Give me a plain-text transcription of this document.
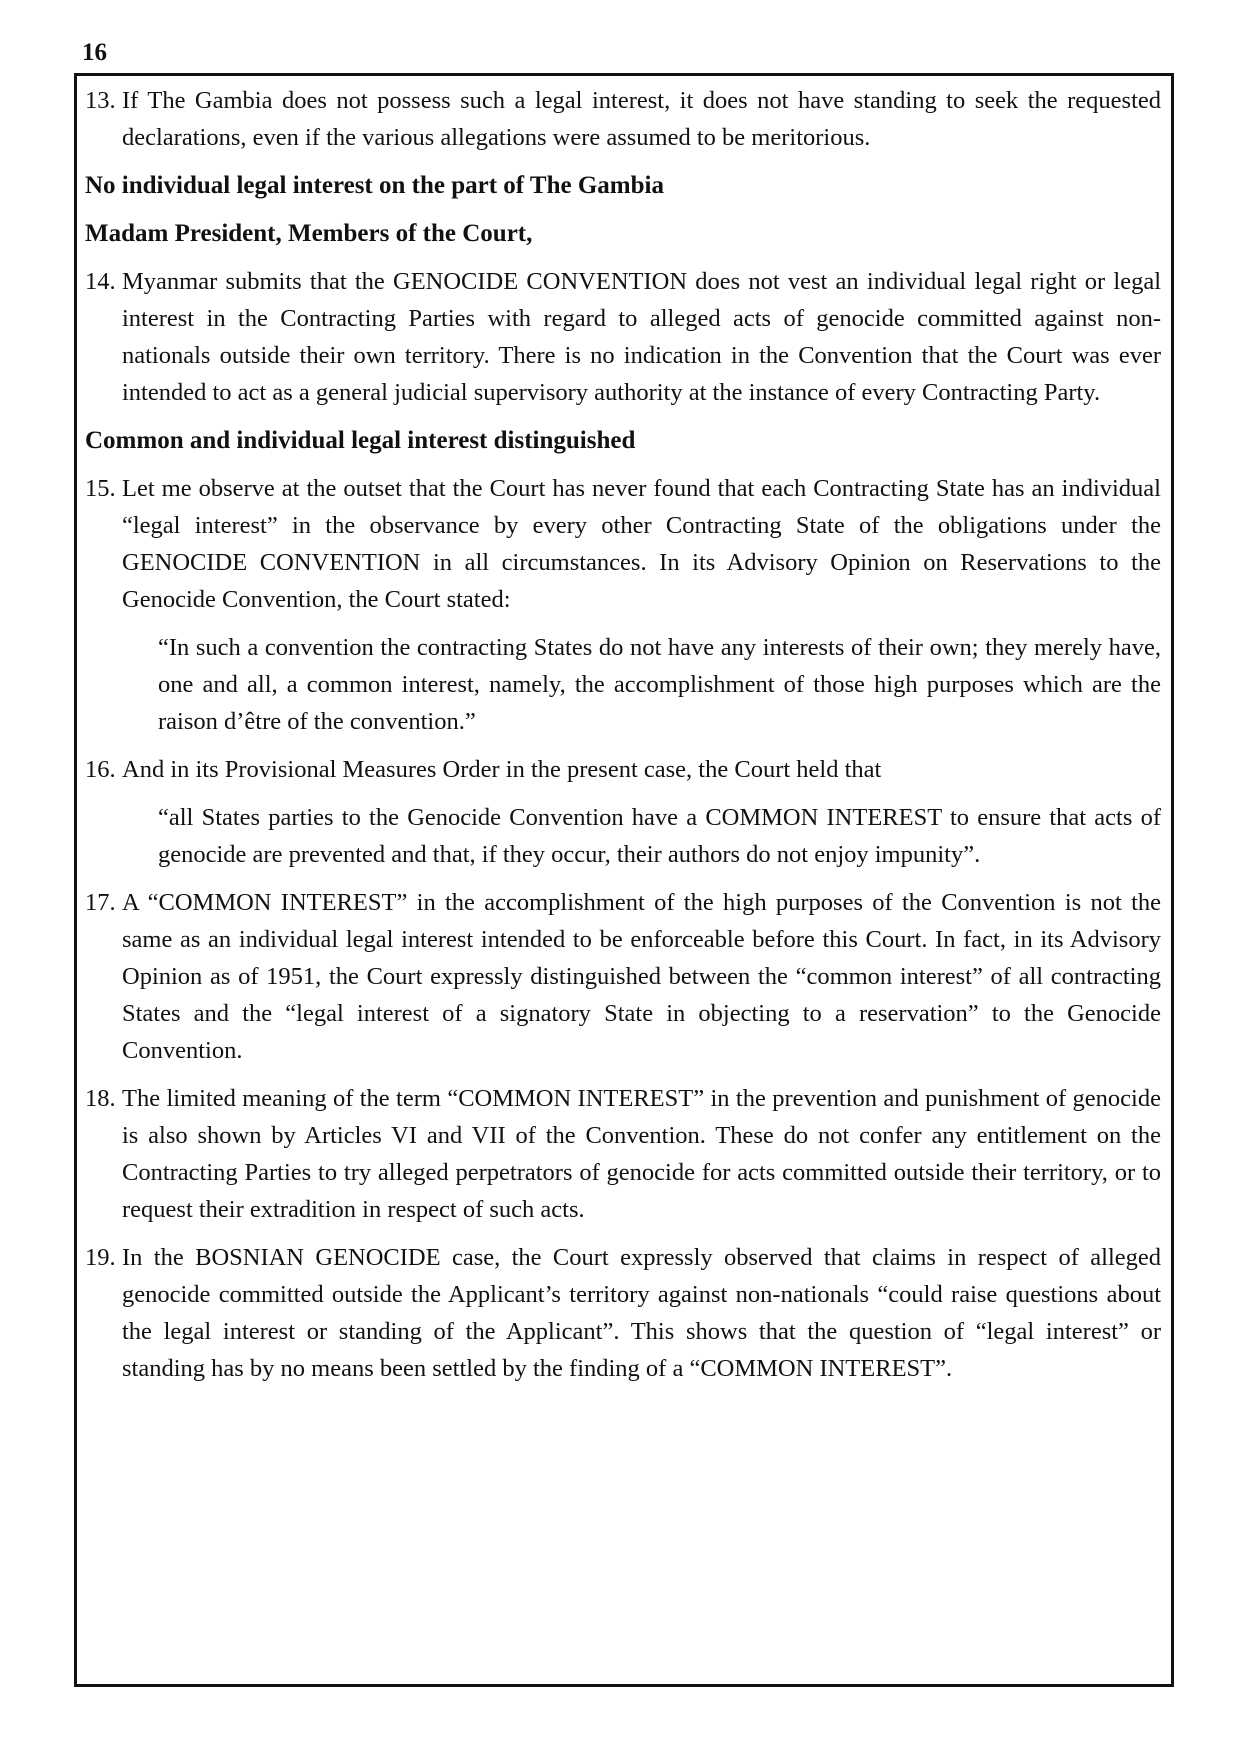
16
13. If The Gambia does not possess such a legal interest, it does not have standing to seek the requested declarations, even if the various allegations were assumed to be meritorious.
No individual legal interest on the part of The Gambia
Madam President, Members of the Court,
14. Myanmar submits that the GENOCIDE CONVENTION does not vest an individual legal right or legal interest in the Contracting Parties with regard to alleged acts of genocide committed against non-nationals outside their own territory. There is no indication in the Convention that the Court was ever intended to act as a general judicial supervisory authority at the instance of every Contracting Party.
Common and individual legal interest distinguished
15. Let me observe at the outset that the Court has never found that each Contracting State has an individual “legal interest” in the observance by every other Contracting State of the obligations under the GENOCIDE CONVENTION in all circumstances. In its Advisory Opinion on Reservations to the Genocide Convention, the Court stated:
“In such a convention the contracting States do not have any interests of their own; they merely have, one and all, a common interest, namely, the accomplishment of those high purposes which are the raison d’être of the convention.”
16. And in its Provisional Measures Order in the present case, the Court held that
“all States parties to the Genocide Convention have a COMMON INTEREST to ensure that acts of genocide are prevented and that, if they occur, their authors do not enjoy impunity”.
17. A “COMMON INTEREST” in the accomplishment of the high purposes of the Convention is not the same as an individual legal interest intended to be enforceable before this Court. In fact, in its Advisory Opinion as of 1951, the Court expressly distinguished between the “common interest” of all contracting States and the “legal interest of a signatory State in objecting to a reservation” to the Genocide Convention.
18. The limited meaning of the term “COMMON INTEREST” in the prevention and punishment of genocide is also shown by Articles VI and VII of the Convention. These do not confer any entitlement on the Contracting Parties to try alleged perpetrators of genocide for acts committed outside their territory, or to request their extradition in respect of such acts.
19. In the BOSNIAN GENOCIDE case, the Court expressly observed that claims in respect of alleged genocide committed outside the Applicant’s territory against non-nationals “could raise questions about the legal interest or standing of the Applicant”. This shows that the question of “legal interest” or standing has by no means been settled by the finding of a “COMMON INTEREST”.
